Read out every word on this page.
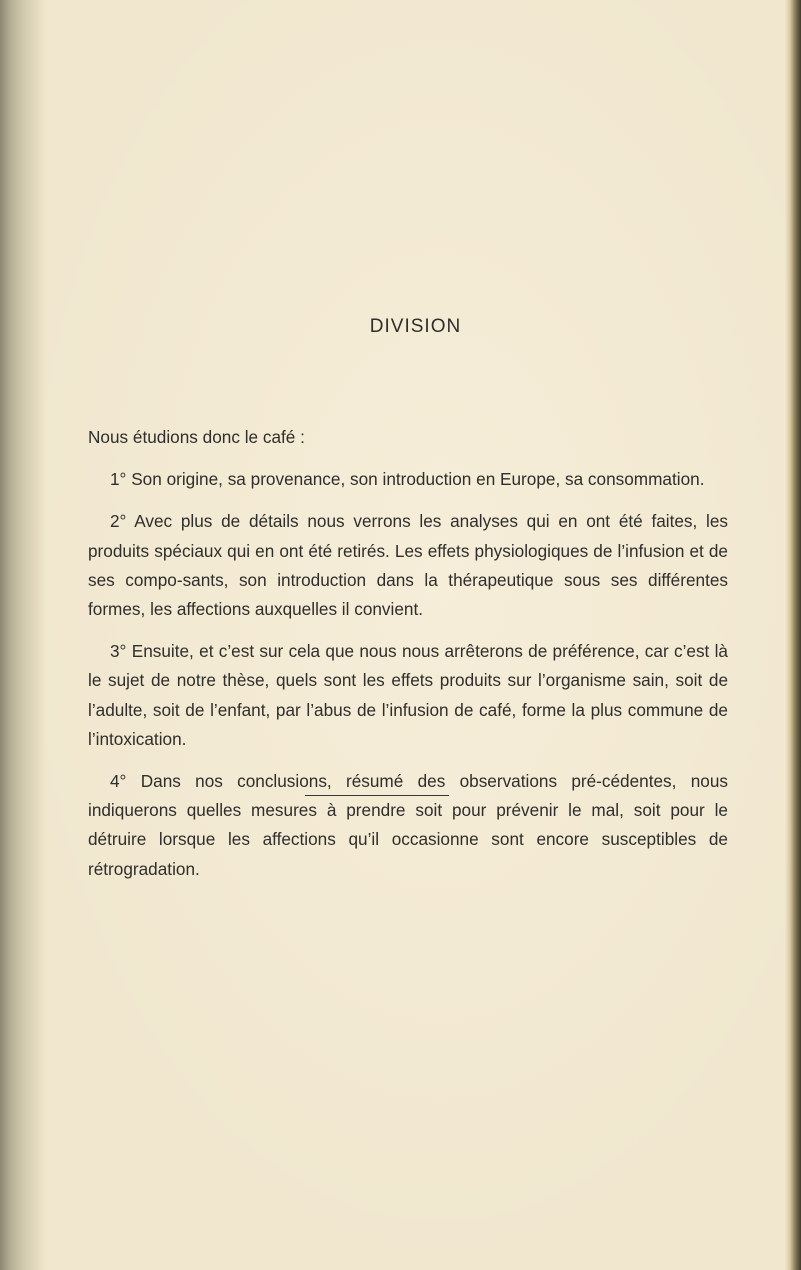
DIVISION

Nous étudions donc le café :

1° Son origine, sa provenance, son introduction en Europe, sa consommation.

2° Avec plus de détails nous verrons les analyses qui en ont été faites, les produits spéciaux qui en ont été retirés. Les effets physiologiques de l’infusion et de ses compo-sants, son introduction dans la thérapeutique sous ses différentes formes, les affections auxquelles il convient.

3° Ensuite, et c’est sur cela que nous nous arrêterons de préférence, car c’est là le sujet de notre thèse, quels sont les effets produits sur l’organisme sain, soit de l’adulte, soit de l’enfant, par l’abus de l’infusion de café, forme la plus commune de l’intoxication.

4° Dans nos conclusions, résumé des observations pré-cédentes, nous indiquerons quelles mesures à prendre soit pour prévenir le mal, soit pour le détruire lorsque les affections qu’il occasionne sont encore susceptibles de rétrogradation.
